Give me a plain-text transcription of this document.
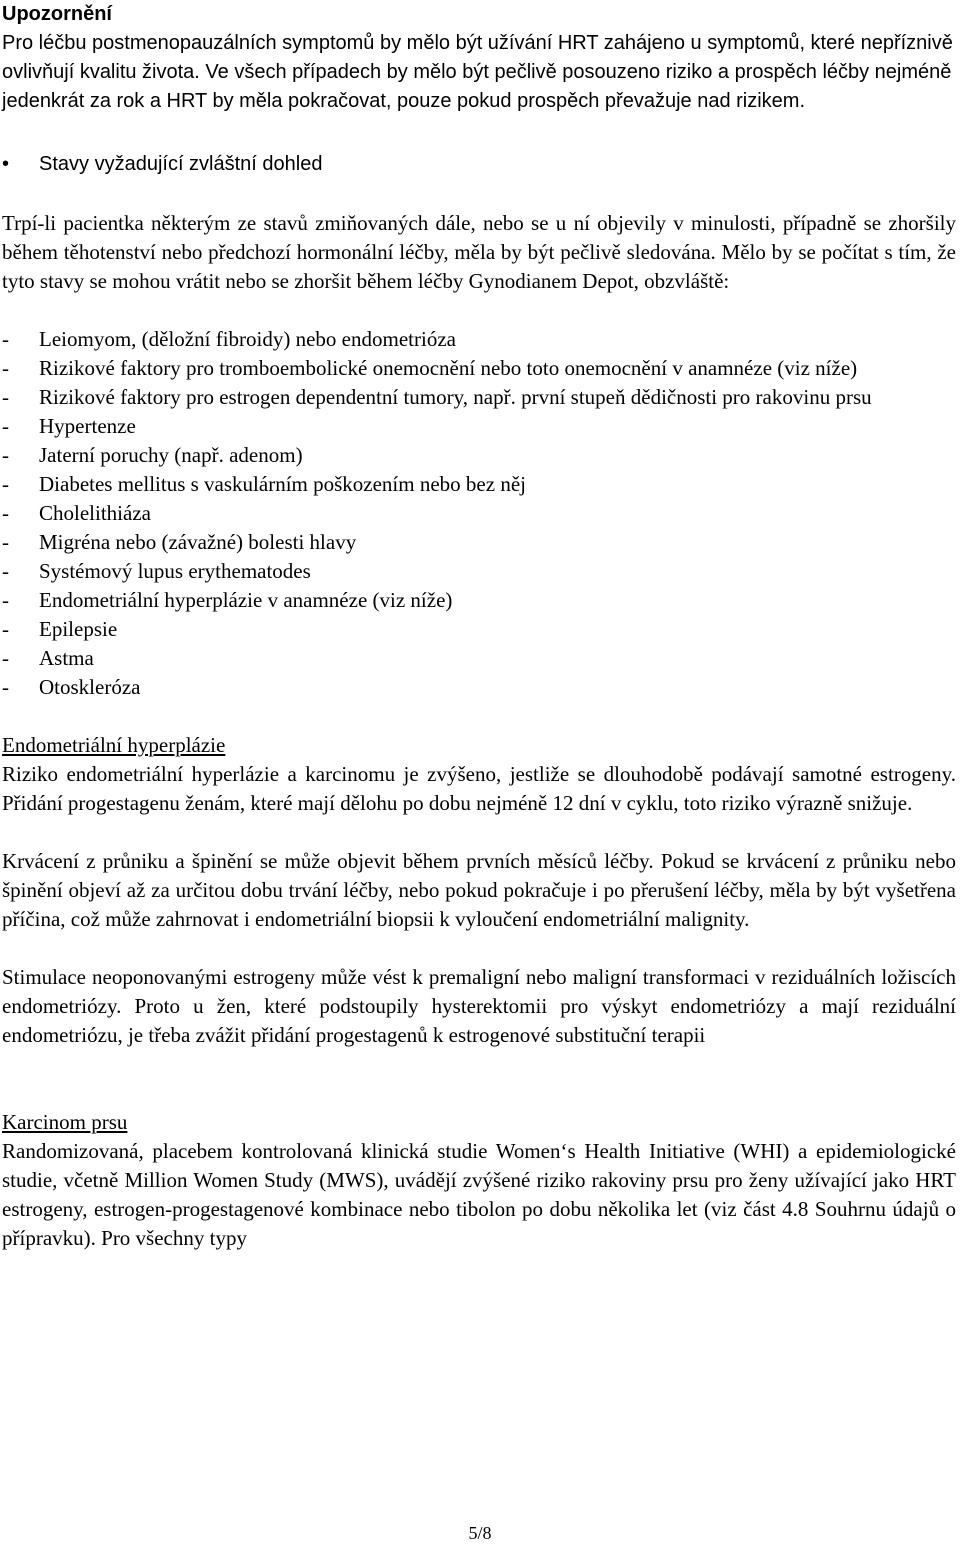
Upozornění

Pro léčbu postmenopauzálních symptomů by mělo být užívání HRT zahájeno u symptomů, které nepříznivě ovlivňují kvalitu života. Ve všech případech by mělo být pečlivě posouzeno riziko a prospěch léčby nejméně jedenkrát za rok a HRT by měla pokračovat, pouze pokud prospěch převažuje nad rizikem.

•	Stavy vyžadující zvláštní dohled

Trpí-li pacientka některým ze stavů zmiňovaných dále, nebo se u ní objevily v minulosti, případně se zhoršily během těhotenství nebo předchozí hormonální léčby, měla by být pečlivě sledována. Mělo by se počítat s tím, že tyto stavy se mohou vrátit nebo se zhoršit během léčby Gynodianem Depot, obzvláště:

-	Leiomyom, (děložní fibroidy) nebo endometrióza
-	Rizikové faktory pro tromboembolické onemocnění nebo toto onemocnění v anamnéze (viz níže)
-	Rizikové faktory pro estrogen dependentní tumory, např. první stupeň dědičnosti pro rakovinu prsu
-	Hypertenze
-	Jaterní poruchy (např. adenom)
-	Diabetes mellitus s vaskulárním poškozením nebo bez něj
-	Cholelithiáza
-	Migréna nebo (závažné) bolesti hlavy
-	Systémový lupus erythematodes
-	Endometriální hyperplázie v anamnéze (viz níže)
-	Epilepsie
-	Astma
-	Otoskleróza

Endometriální hyperplázie

Riziko endometriální hyperlázie a karcinomu je zvýšeno, jestliže se dlouhodobě podávají samotné estrogeny. Přidání progestagenu ženám, které mají dělohu po dobu nejméně 12 dní v cyklu, toto riziko výrazně snižuje.

Krvácení z průniku a špinění se může objevit během prvních měsíců léčby. Pokud se krvácení z průniku nebo špinění objeví až za určitou dobu trvání léčby, nebo pokud pokračuje i po přerušení léčby, měla by být vyšetřena příčina, což může zahrnovat i endometriální biopsii k vyloučení endometriální malignity.

Stimulace neoponovanými estrogeny může vést k premaligní nebo maligní transformaci v reziduálních ložiscích endometriózy. Proto u žen, které podstoupily hysterektomii pro výskyt endometriózy a mají reziduální endometriózu, je třeba zvážit přidání progestagenů k estrogenové substituční terapii

Karcinom prsu

Randomizovaná, placebem kontrolovaná klinická studie Women‘s Health Initiative (WHI) a epidemiologické studie, včetně Million Women Study (MWS), uvádějí zvýšené riziko rakoviny prsu pro ženy užívající jako HRT estrogeny, estrogen-progestagenové kombinace nebo tibolon po dobu několika let (viz část 4.8 Souhrnu údajů o přípravku). Pro všechny typy

5/8
